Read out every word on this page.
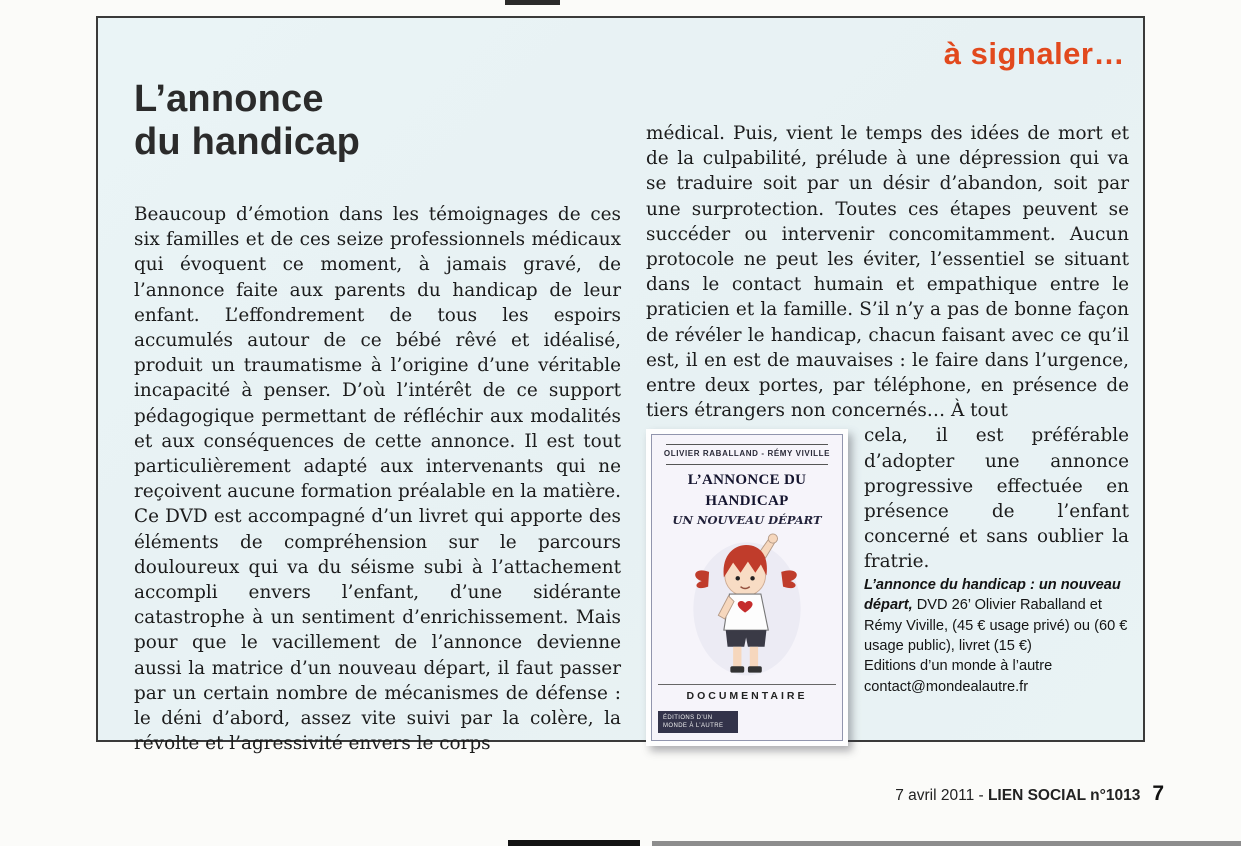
à signaler…
L’annonce
du handicap

Beaucoup d’émotion dans les témoignages de ces six familles et de ces seize professionnels médicaux qui évoquent ce moment, à jamais gravé, de l’annonce faite aux parents du handicap de leur enfant. L’effondrement de tous les espoirs accumulés autour de ce bébé rêvé et idéalisé, produit un traumatisme à l’origine d’une véritable incapacité à penser. D’où l’intérêt de ce support pédagogique permettant de réfléchir aux modalités et aux conséquences de cette annonce. Il est tout particulièrement adapté aux intervenants qui ne reçoivent aucune formation préalable en la matière. Ce DVD est accompagné d’un livret qui apporte des éléments de compréhension sur le parcours douloureux qui va du séisme subi à l’attachement accompli envers l’enfant, d’une sidérante catastrophe à un sentiment d’enrichissement. Mais pour que le vacillement de l’annonce devienne aussi la matrice d’un nouveau départ, il faut passer par un certain nombre de mécanismes de défense : le déni d’abord, assez vite suivi par la colère, la révolte et l’agressivité envers le corps

médical. Puis, vient le temps des idées de mort et de la culpabilité, prélude à une dépression qui va se traduire soit par un désir d’abandon, soit par une surprotection. Toutes ces étapes peuvent se succéder ou intervenir concomitamment. Aucun protocole ne peut les éviter, l’essentiel se situant dans le contact humain et empathique entre le praticien et la famille. S’il n’y a pas de bonne façon de révéler le handicap, chacun faisant avec ce qu’il est, il en est de mauvaises : le faire dans l’urgence, entre deux portes, par téléphone, en présence de tiers étrangers non concernés… À tout

OLIVIER RABALLAND - RÉMY VIVILLE
L’ANNONCE DU HANDICAP
UN NOUVEAU DÉPART
DOCUMENTAIRE
ÉDITIONS D’UN MONDE À L’AUTRE

cela, il est préférable d’adopter une annonce progressive effectuée en présence de l’enfant concerné et sans oublier la fratrie.

L’annonce du handicap : un nouveau départ, DVD 26’ Olivier Raballand et Rémy Viville, (45 € usage privé) ou (60 € usage public), livret (15 €)
Editions d’un monde à l’autre
contact@mondealautre.fr

7 avril 2011 - LIEN SOCIAL n°1013 7
